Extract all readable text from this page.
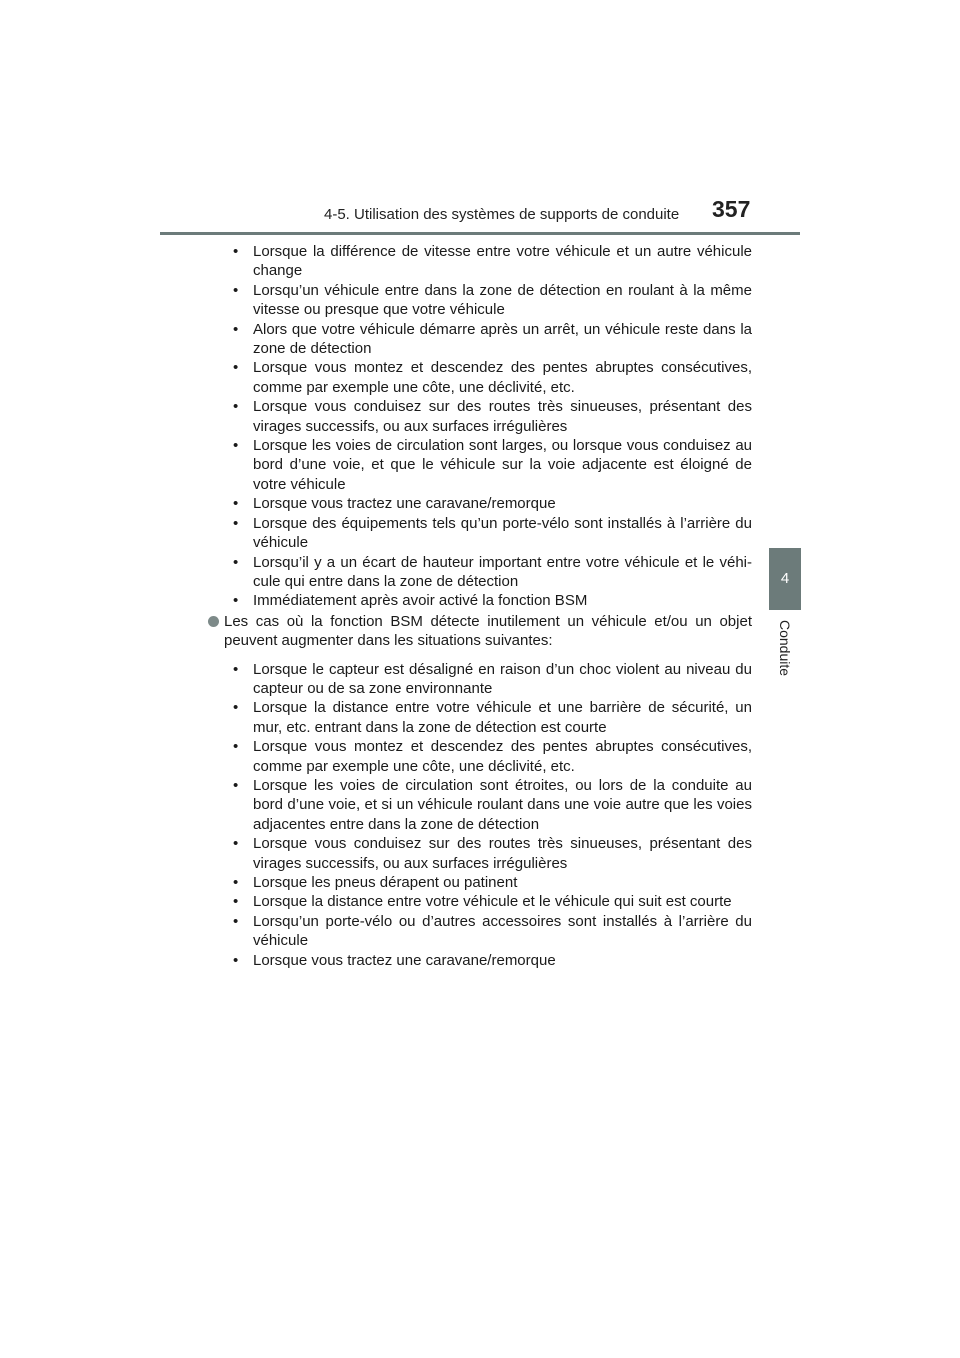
4-5. Utilisation des systèmes de supports de conduite 357
4
Conduite
• Lorsque la différence de vitesse entre votre véhicule et un autre véhicule change
• Lorsqu’un véhicule entre dans la zone de détection en roulant à la même vitesse ou presque que votre véhicule
• Alors que votre véhicule démarre après un arrêt, un véhicule reste dans la zone de détection
• Lorsque vous montez et descendez des pentes abruptes consécutives, comme par exemple une côte, une déclivité, etc.
• Lorsque vous conduisez sur des routes très sinueuses, présentant des virages successifs, ou aux surfaces irrégulières
• Lorsque les voies de circulation sont larges, ou lorsque vous conduisez au bord d’une voie, et que le véhicule sur la voie adjacente est éloigné de votre véhicule
• Lorsque vous tractez une caravane/remorque
• Lorsque des équipements tels qu’un porte-vélo sont installés à l’arrière du véhicule
• Lorsqu’il y a un écart de hauteur important entre votre véhicule et le véhi-cule qui entre dans la zone de détection
• Immédiatement après avoir activé la fonction BSM
Les cas où la fonction BSM détecte inutilement un véhicule et/ou un objet peuvent augmenter dans les situations suivantes:
• Lorsque le capteur est désaligné en raison d’un choc violent au niveau du capteur ou de sa zone environnante
• Lorsque la distance entre votre véhicule et une barrière de sécurité, un mur, etc. entrant dans la zone de détection est courte
• Lorsque vous montez et descendez des pentes abruptes consécutives, comme par exemple une côte, une déclivité, etc.
• Lorsque les voies de circulation sont étroites, ou lors de la conduite au bord d’une voie, et si un véhicule roulant dans une voie autre que les voies adjacentes entre dans la zone de détection
• Lorsque vous conduisez sur des routes très sinueuses, présentant des virages successifs, ou aux surfaces irrégulières
• Lorsque les pneus dérapent ou patinent
• Lorsque la distance entre votre véhicule et le véhicule qui suit est courte
• Lorsqu’un porte-vélo ou d’autres accessoires sont installés à l’arrière du véhicule
• Lorsque vous tractez une caravane/remorque
